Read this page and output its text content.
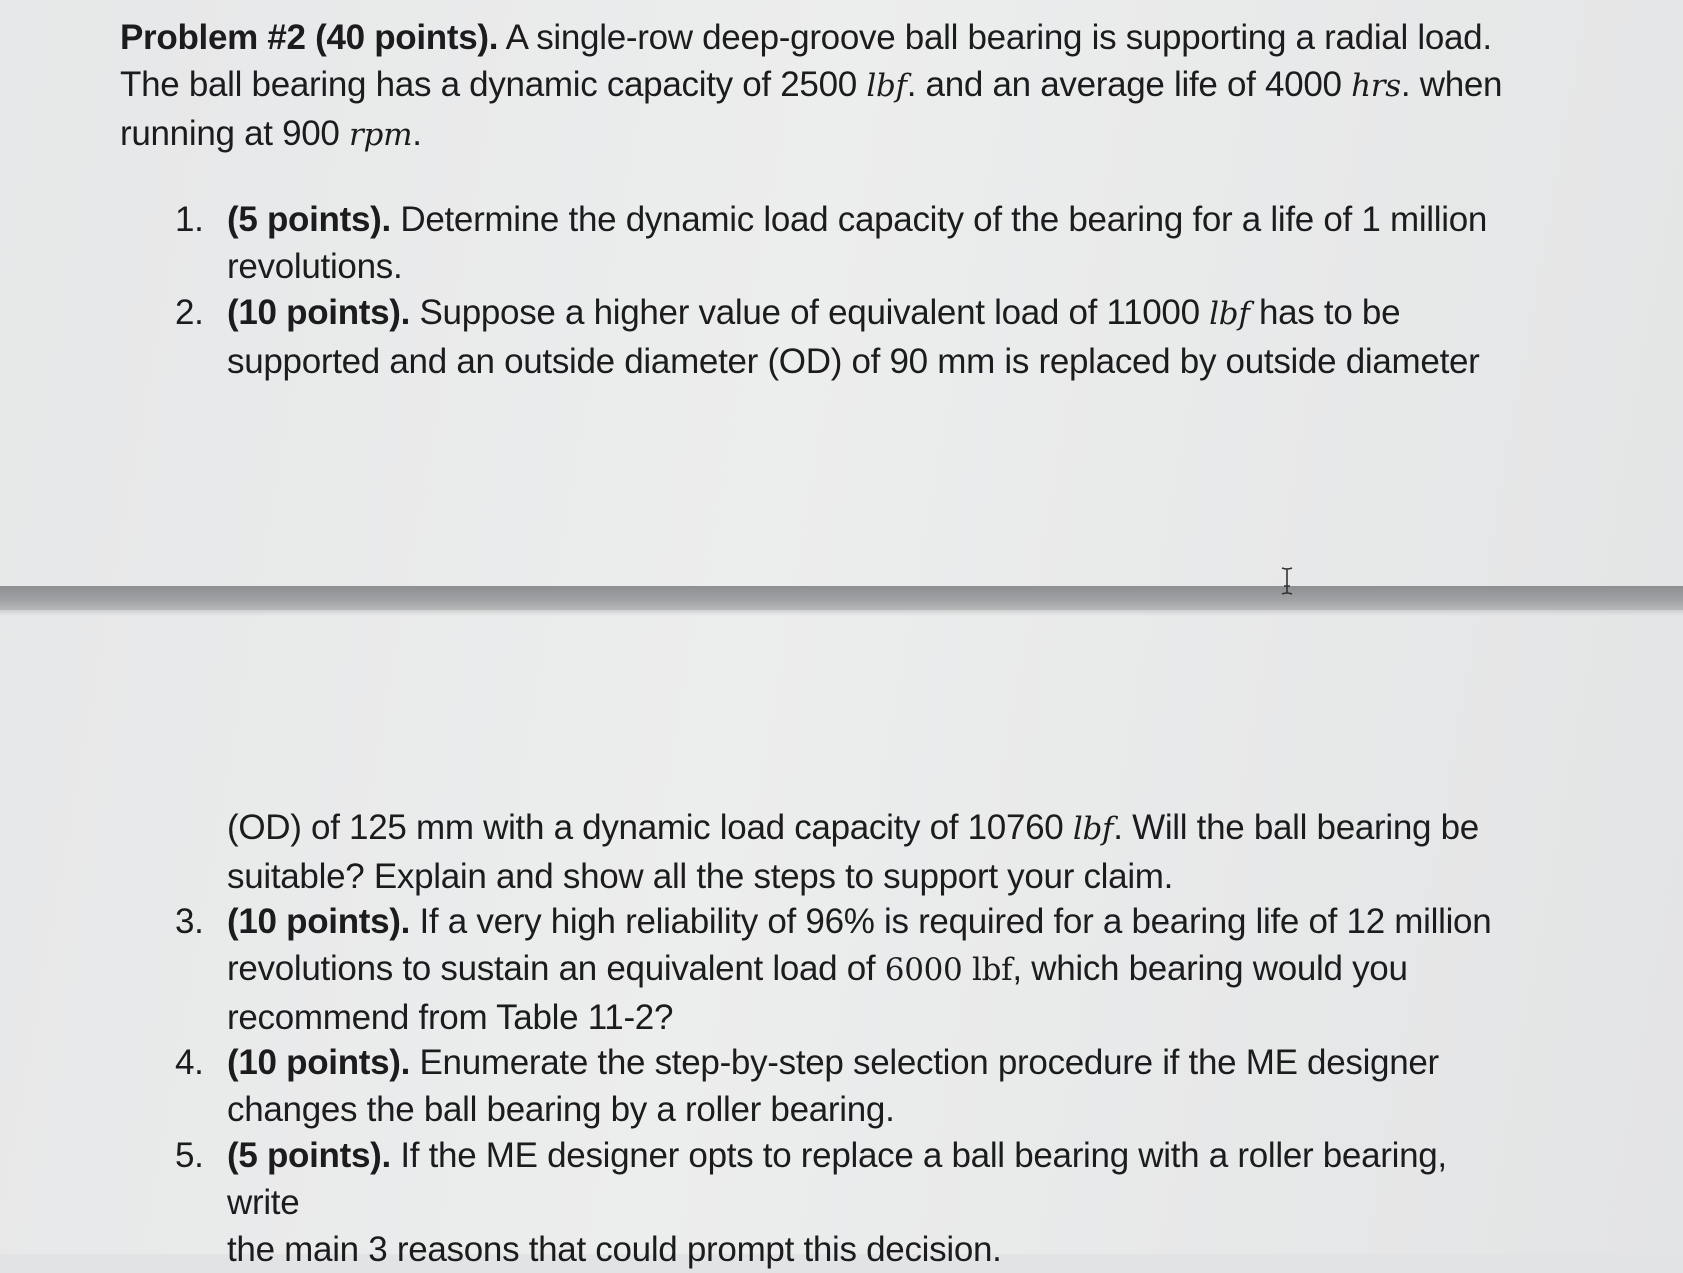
Problem #2 (40 points). A single-row deep-groove ball bearing is supporting a radial load.
The ball bearing has a dynamic capacity of 2500 lbf. and an average life of 4000 hrs. when
running at 900 rpm.
1. (5 points). Determine the dynamic load capacity of the bearing for a life of 1 million
revolutions.
2. (10 points). Suppose a higher value of equivalent load of 11000 lbf has to be
supported and an outside diameter (OD) of 90 mm is replaced by outside diameter
(OD) of 125 mm with a dynamic load capacity of 10760 lbf. Will the ball bearing be
suitable? Explain and show all the steps to support your claim.
3. (10 points). If a very high reliability of 96% is required for a bearing life of 12 million
revolutions to sustain an equivalent load of 6000 lbf, which bearing would you
recommend from Table 11-2?
4. (10 points). Enumerate the step-by-step selection procedure if the ME designer
changes the ball bearing by a roller bearing.
5. (5 points). If the ME designer opts to replace a ball bearing with a roller bearing, write
the main 3 reasons that could prompt this decision.
